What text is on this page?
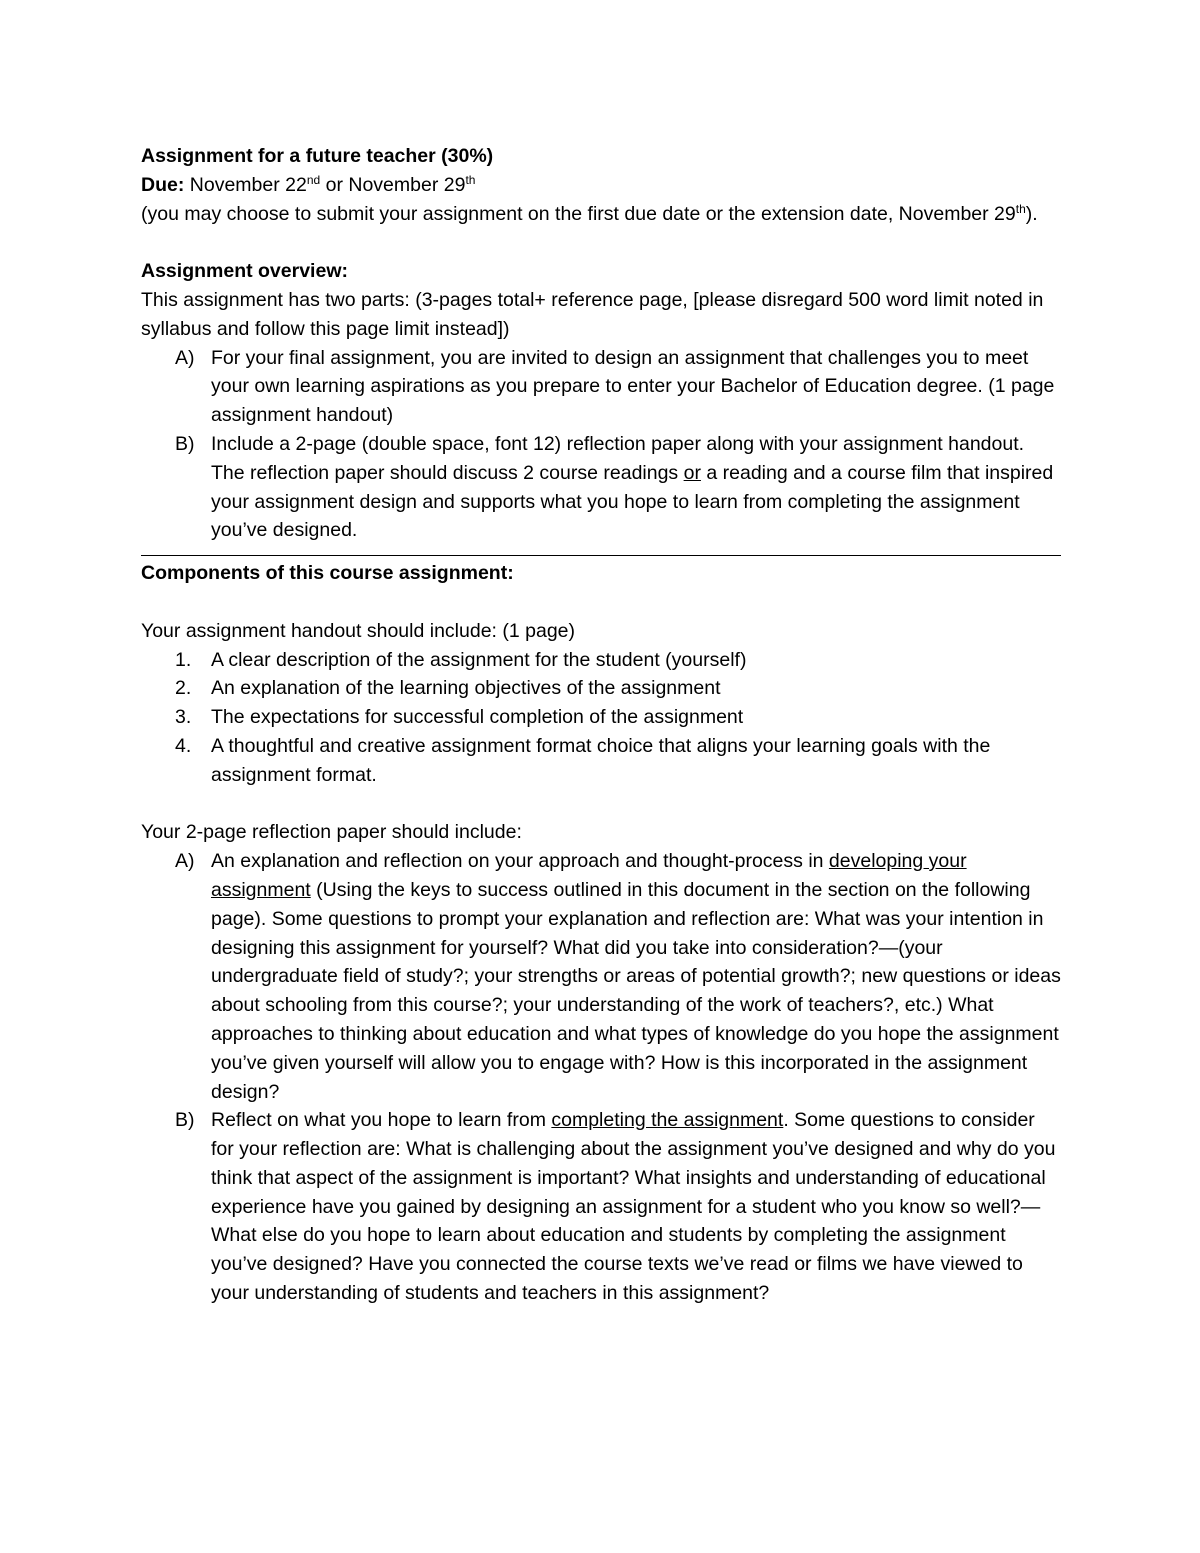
Assignment for a future teacher (30%)
Due: November 22nd or November 29th
(you may choose to submit your assignment on the first due date or the extension date, November 29th).
Assignment overview:
This assignment has two parts: (3-pages total+ reference page, [please disregard 500 word limit noted in syllabus and follow this page limit instead])
A) For your final assignment, you are invited to design an assignment that challenges you to meet your own learning aspirations as you prepare to enter your Bachelor of Education degree. (1 page assignment handout)
B) Include a 2-page (double space, font 12) reflection paper along with your assignment handout. The reflection paper should discuss 2 course readings or a reading and a course film that inspired your assignment design and supports what you hope to learn from completing the assignment you’ve designed.
Components of this course assignment:
Your assignment handout should include: (1 page)
1. A clear description of the assignment for the student (yourself)
2. An explanation of the learning objectives of the assignment
3. The expectations for successful completion of the assignment
4. A thoughtful and creative assignment format choice that aligns your learning goals with the assignment format.
Your 2-page reflection paper should include:
A) An explanation and reflection on your approach and thought-process in developing your assignment (Using the keys to success outlined in this document in the section on the following page). Some questions to prompt your explanation and reflection are: What was your intention in designing this assignment for yourself? What did you take into consideration?—(your undergraduate field of study?; your strengths or areas of potential growth?; new questions or ideas about schooling from this course?; your understanding of the work of teachers?, etc.) What approaches to thinking about education and what types of knowledge do you hope the assignment you’ve given yourself will allow you to engage with? How is this incorporated in the assignment design?
B) Reflect on what you hope to learn from completing the assignment. Some questions to consider for your reflection are: What is challenging about the assignment you’ve designed and why do you think that aspect of the assignment is important? What insights and understanding of educational experience have you gained by designing an assignment for a student who you know so well?—What else do you hope to learn about education and students by completing the assignment you’ve designed? Have you connected the course texts we’ve read or films we have viewed to your understanding of students and teachers in this assignment?
